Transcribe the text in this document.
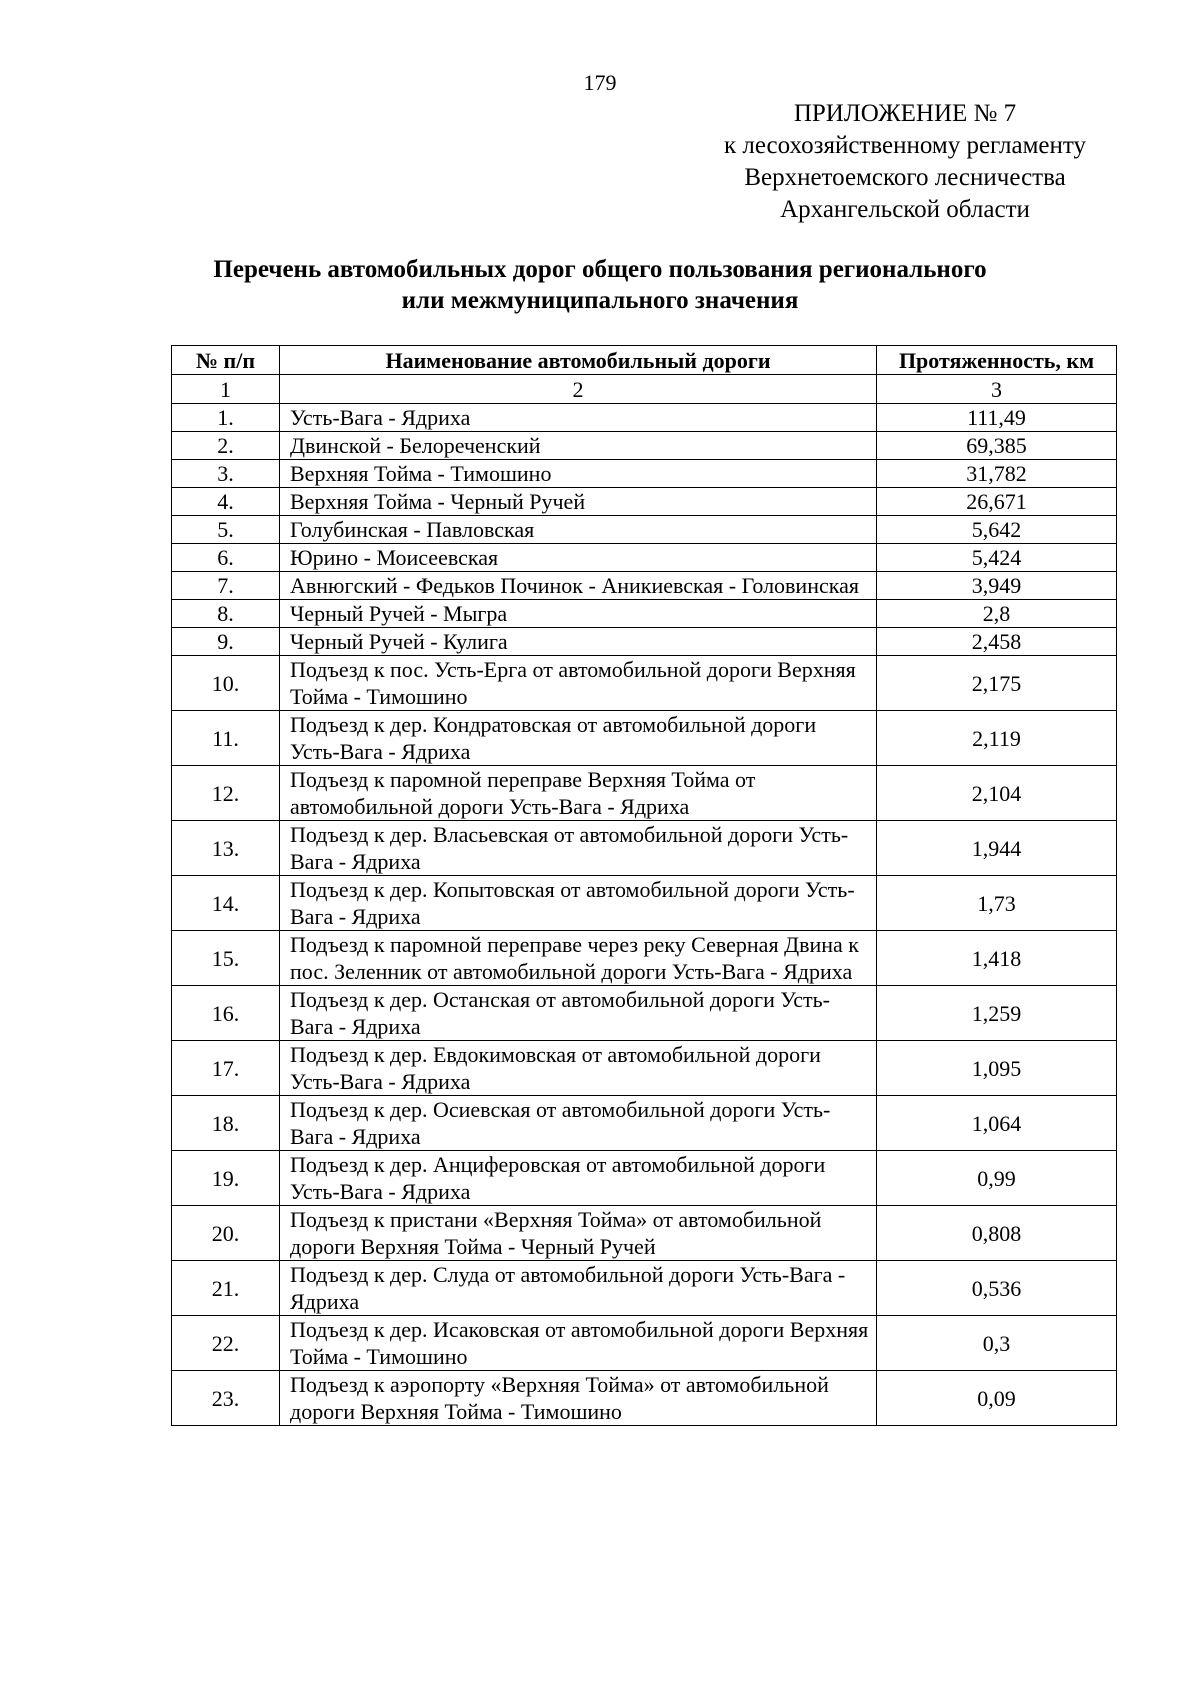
179
ПРИЛОЖЕНИЕ № 7
к лесохозяйственному регламенту
Верхнетоемского лесничества
Архангельской области
Перечень автомобильных дорог общего пользования регионального
или межмуниципального значения
№ п/п	Наименование автомобильный дороги	Протяженность, км
1	2	3
1.	Усть-Вага - Ядриха	111,49
2.	Двинской - Белореченский	69,385
3.	Верхняя Тойма - Тимошино	31,782
4.	Верхняя Тойма - Черный Ручей	26,671
5.	Голубинская - Павловская	5,642
6.	Юрино - Моисеевская	5,424
7.	Авнюгский - Федьков Починок - Аникиевская - Головинская	3,949
8.	Черный Ручей - Мыгра	2,8
9.	Черный Ручей - Кулига	2,458
10.	Подъезд к пос. Усть-Ерга от автомобильной дороги Верхняя Тойма - Тимошино	2,175
11.	Подъезд к дер. Кондратовская от автомобильной дороги Усть-Вага - Ядриха	2,119
12.	Подъезд к паромной переправе Верхняя Тойма от автомобильной дороги Усть-Вага - Ядриха	2,104
13.	Подъезд к дер. Власьевская от автомобильной дороги Усть-Вага - Ядриха	1,944
14.	Подъезд к дер. Копытовская от автомобильной дороги Усть-Вага - Ядриха	1,73
15.	Подъезд к паромной переправе через реку Северная Двина к пос. Зеленник от автомобильной дороги Усть-Вага - Ядриха	1,418
16.	Подъезд к дер. Останская от автомобильной дороги Усть-Вага - Ядриха	1,259
17.	Подъезд к дер. Евдокимовская от автомобильной дороги Усть-Вага - Ядриха	1,095
18.	Подъезд к дер. Осиевская от автомобильной дороги Усть-Вага - Ядриха	1,064
19.	Подъезд к дер. Анциферовская от автомобильной дороги Усть-Вага - Ядриха	0,99
20.	Подъезд к пристани «Верхняя Тойма» от автомобильной дороги Верхняя Тойма - Черный Ручей	0,808
21.	Подъезд к дер. Слуда от автомобильной дороги Усть-Вага - Ядриха	0,536
22.	Подъезд к дер. Исаковская от автомобильной дороги Верхняя Тойма - Тимошино	0,3
23.	Подъезд к аэропорту «Верхняя Тойма» от автомобильной дороги Верхняя Тойма - Тимошино	0,09
